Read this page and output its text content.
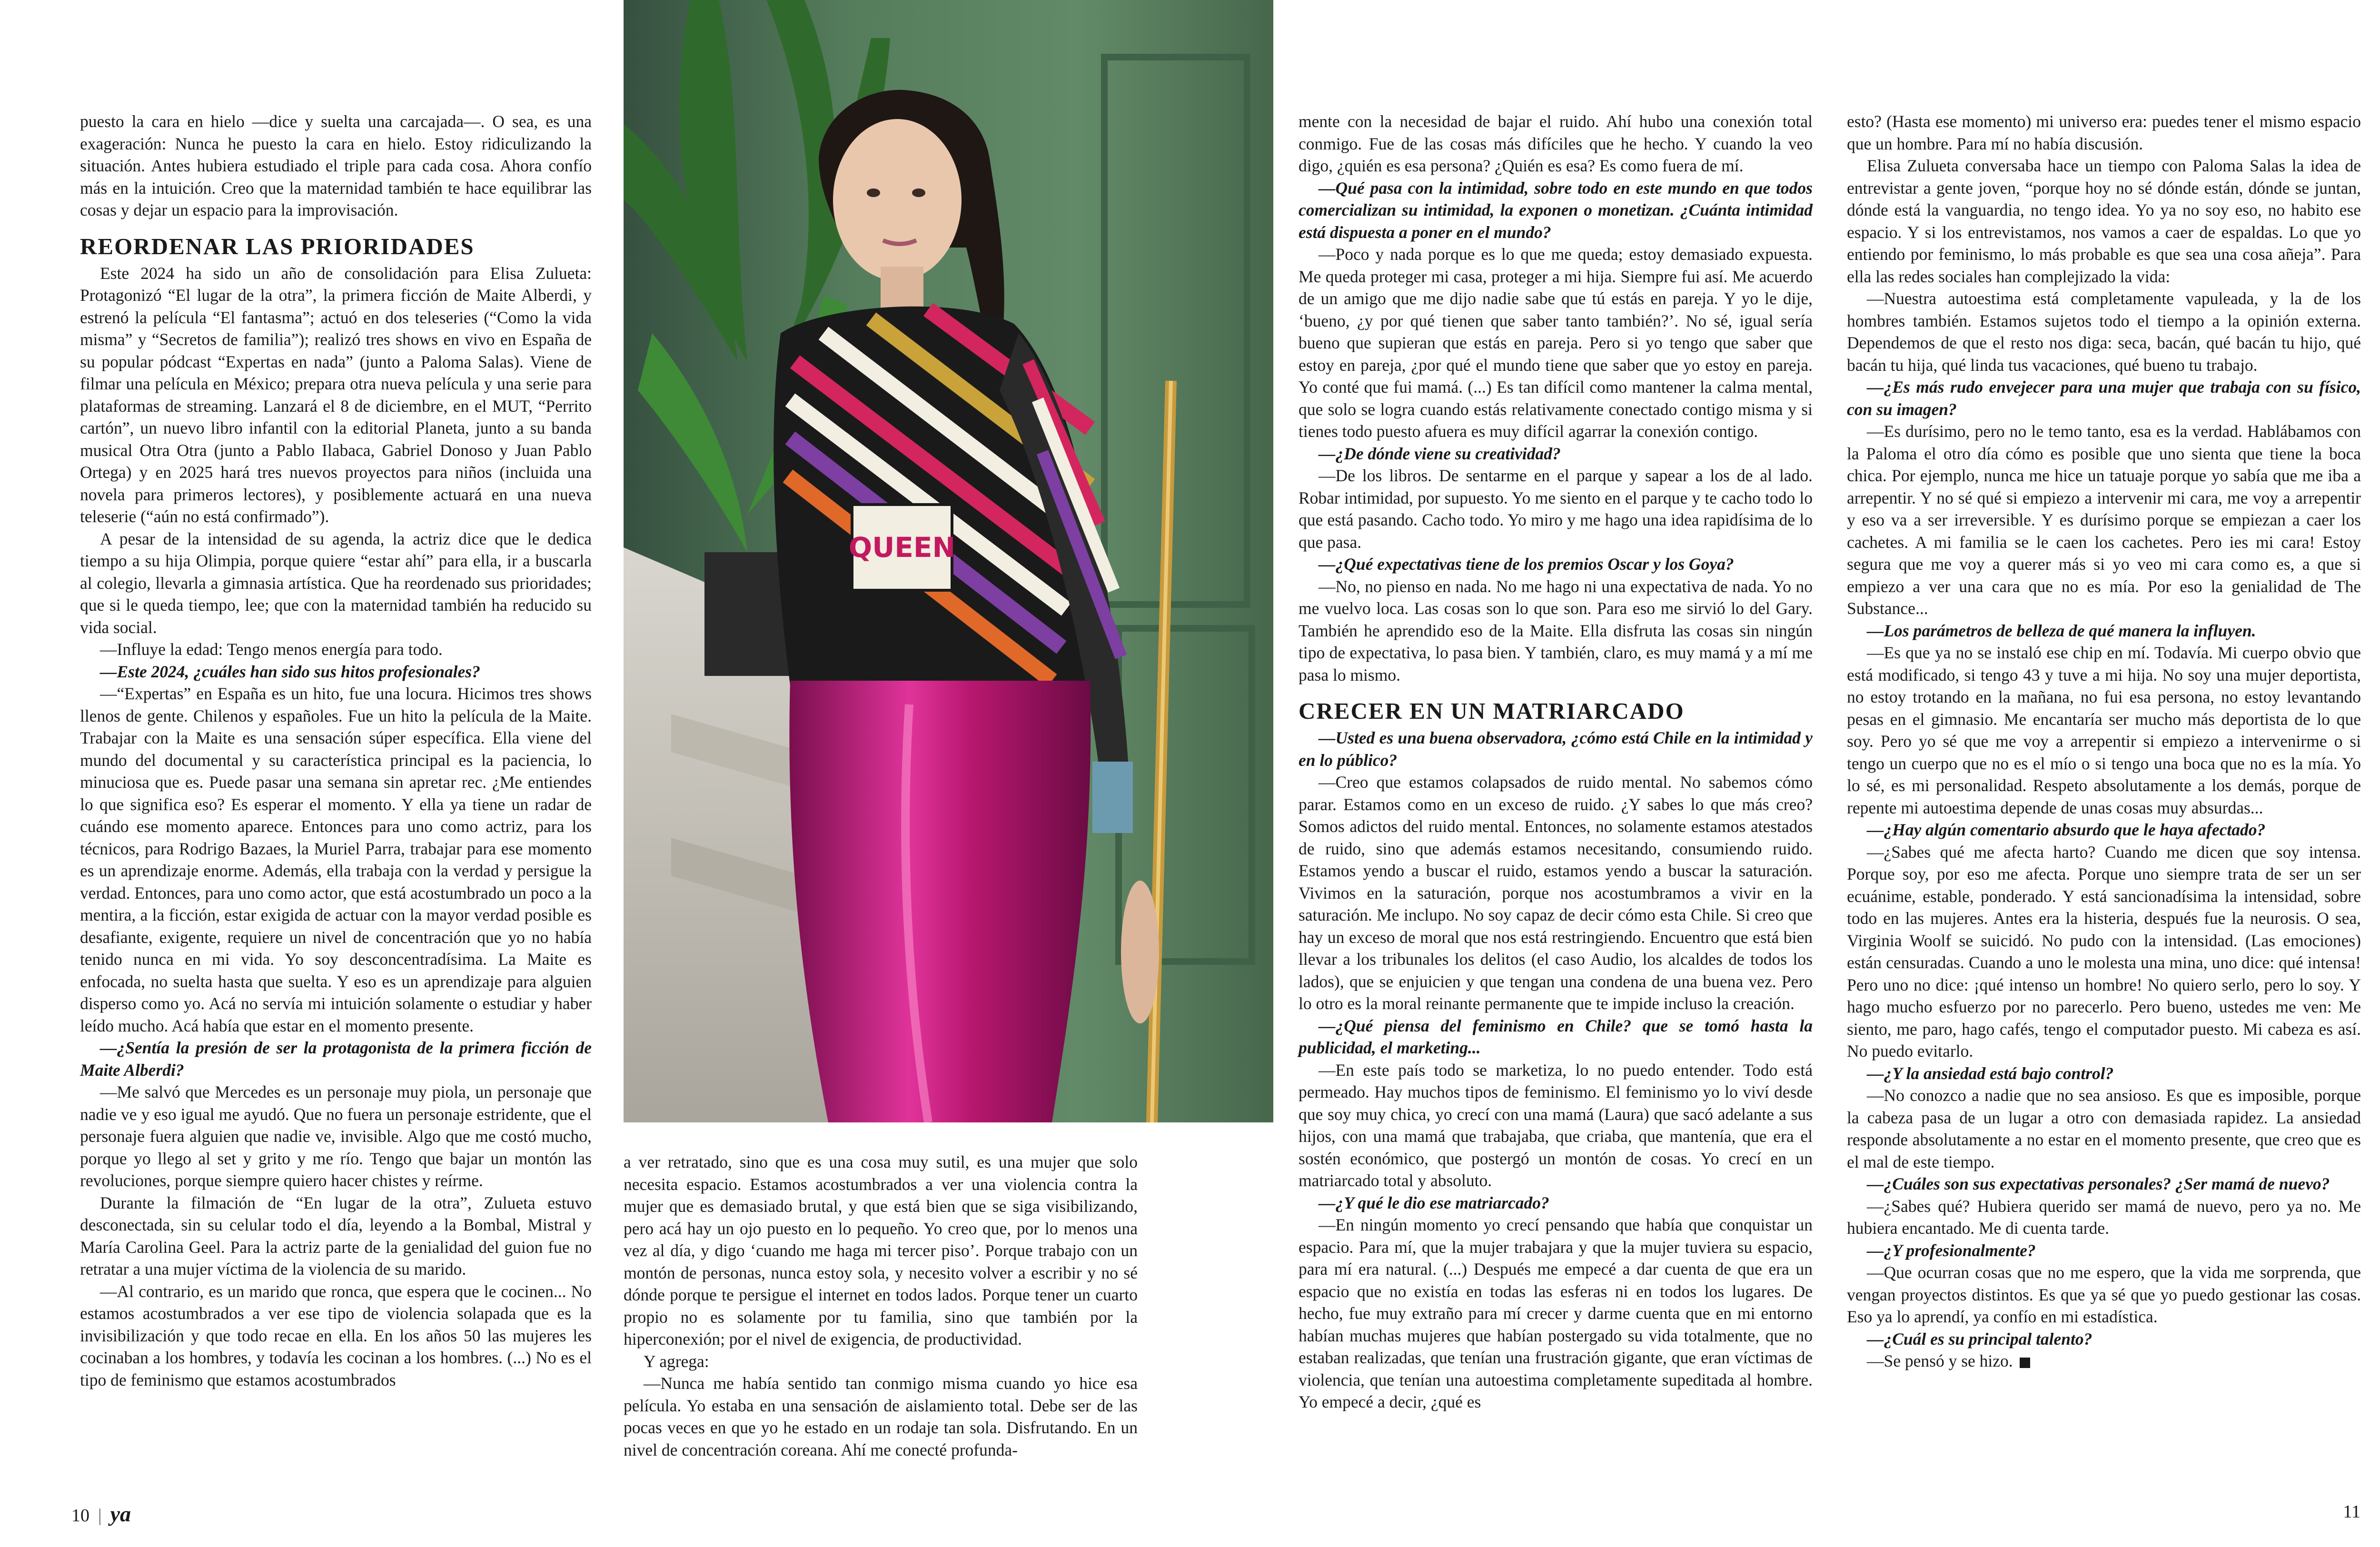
QUEEN

puesto la cara en hielo —dice y suelta una carcajada—. O sea, es una exageración: Nunca he puesto la cara en hielo. Estoy ridiculizando la situación. Antes hubiera estudiado el triple para cada cosa. Ahora confío más en la intuición. Creo que la maternidad también te hace equilibrar las cosas y dejar un espacio para la improvisación.

REORDENAR LAS PRIORIDADES

Este 2024 ha sido un año de consolidación para Elisa Zulueta: Protagonizó “El lugar de la otra”, la primera ficción de Maite Alberdi, y estrenó la película “El fantasma”; actuó en dos teleseries (“Como la vida misma” y “Secretos de familia”); realizó tres shows en vivo en España de su popular pódcast “Expertas en nada” (junto a Paloma Salas). Viene de filmar una película en México; prepara otra nueva película y una serie para plataformas de streaming. Lanzará el 8 de diciembre, en el MUT, “Perrito cartón”, un nuevo libro infantil con la editorial Planeta, junto a su banda musical Otra Otra (junto a Pablo Ilabaca, Gabriel Donoso y Juan Pablo Ortega) y en 2025 hará tres nuevos proyectos para niños (incluida una novela para primeros lectores), y posiblemente actuará en una nueva teleserie (“aún no está confirmado”).

A pesar de la intensidad de su agenda, la actriz dice que le dedica tiempo a su hija Olimpia, porque quiere “estar ahí” para ella, ir a buscarla al colegio, llevarla a gimnasia artística. Que ha reordenado sus prioridades; que si le queda tiempo, lee; que con la maternidad también ha reducido su vida social.

—Influye la edad: Tengo menos energía para todo.

—Este 2024, ¿cuáles han sido sus hitos profesionales?

—“Expertas” en España es un hito, fue una locura. Hicimos tres shows llenos de gente. Chilenos y españoles. Fue un hito la película de la Maite. Trabajar con la Maite es una sensación súper específica. Ella viene del mundo del documental y su característica principal es la paciencia, lo minuciosa que es. Puede pasar una semana sin apretar rec. ¿Me entiendes lo que significa eso? Es esperar el momento. Y ella ya tiene un radar de cuándo ese momento aparece. Entonces para uno como actriz, para los técnicos, para Rodrigo Bazaes, la Muriel Parra, trabajar para ese momento es un aprendizaje enorme. Además, ella trabaja con la verdad y persigue la verdad. Entonces, para uno como actor, que está acostumbrado un poco a la mentira, a la ficción, estar exigida de actuar con la mayor verdad posible es desafiante, exigente, requiere un nivel de concentración que yo no había tenido nunca en mi vida. Yo soy desconcentradísima. La Maite es enfocada, no suelta hasta que suelta. Y eso es un aprendizaje para alguien disperso como yo. Acá no servía mi intuición solamente o estudiar y haber leído mucho. Acá había que estar en el momento presente.

—¿Sentía la presión de ser la protagonista de la primera ficción de Maite Alberdi?

—Me salvó que Mercedes es un personaje muy piola, un personaje que nadie ve y eso igual me ayudó. Que no fuera un personaje estridente, que el personaje fuera alguien que nadie ve, invisible. Algo que me costó mucho, porque yo llego al set y grito y me río. Tengo que bajar un montón las revoluciones, porque siempre quiero hacer chistes y reírme.

Durante la filmación de “En lugar de la otra”, Zulueta estuvo desconectada, sin su celular todo el día, leyendo a la Bombal, Mistral y María Carolina Geel. Para la actriz parte de la genialidad del guion fue no retratar a una mujer víctima de la violencia de su marido.

—Al contrario, es un marido que ronca, que espera que le cocinen... No estamos acostumbrados a ver ese tipo de violencia solapada que es la invisibilización y que todo recae en ella. En los años 50 las mujeres les cocinaban a los hombres, y todavía les cocinan a los hombres. (...) No es el tipo de feminismo que estamos acostumbrados

a ver retratado, sino que es una cosa muy sutil, es una mujer que solo necesita espacio. Estamos acostumbrados a ver una violencia contra la mujer que es demasiado brutal, y que está bien que se siga visibilizando, pero acá hay un ojo puesto en lo pequeño. Yo creo que, por lo menos una vez al día, y digo ‘cuando me haga mi tercer piso’. Porque trabajo con un montón de personas, nunca estoy sola, y necesito volver a escribir y no sé dónde porque te persigue el internet en todos lados. Porque tener un cuarto propio no es solamente por tu familia, sino que también por la hiperconexión; por el nivel de exigencia, de productividad.

Y agrega:

—Nunca me había sentido tan conmigo misma cuando yo hice esa película. Yo estaba en una sensación de aislamiento total. Debe ser de las pocas veces en que yo he estado en un rodaje tan sola. Disfrutando. En un nivel de concentración coreana. Ahí me conecté profunda-

mente con la necesidad de bajar el ruido. Ahí hubo una conexión total conmigo. Fue de las cosas más difíciles que he hecho. Y cuando la veo digo, ¿quién es esa persona? ¿Quién es esa? Es como fuera de mí.

—Qué pasa con la intimidad, sobre todo en este mundo en que todos comercializan su intimidad, la exponen o monetizan. ¿Cuánta intimidad está dispuesta a poner en el mundo?

—Poco y nada porque es lo que me queda; estoy demasiado expuesta. Me queda proteger mi casa, proteger a mi hija. Siempre fui así. Me acuerdo de un amigo que me dijo nadie sabe que tú estás en pareja. Y yo le dije, ‘bueno, ¿y por qué tienen que saber tanto también?’. No sé, igual sería bueno que supieran que estás en pareja. Pero si yo tengo que saber que estoy en pareja, ¿por qué el mundo tiene que saber que yo estoy en pareja. Yo conté que fui mamá. (...) Es tan difícil como mantener la calma mental, que solo se logra cuando estás relativamente conectado contigo misma y si tienes todo puesto afuera es muy difícil agarrar la conexión contigo.

—¿De dónde viene su creatividad?

—De los libros. De sentarme en el parque y sapear a los de al lado. Robar intimidad, por supuesto. Yo me siento en el parque y te cacho todo lo que está pasando. Cacho todo. Yo miro y me hago una idea rapidísima de lo que pasa.

—¿Qué expectativas tiene de los premios Oscar y los Goya?

—No, no pienso en nada. No me hago ni una expectativa de nada. Yo no me vuelvo loca. Las cosas son lo que son. Para eso me sirvió lo del Gary. También he aprendido eso de la Maite. Ella disfruta las cosas sin ningún tipo de expectativa, lo pasa bien. Y también, claro, es muy mamá y a mí me pasa lo mismo.

CRECER EN UN MATRIARCADO

—Usted es una buena observadora, ¿cómo está Chile en la intimidad y en lo público?

—Creo que estamos colapsados de ruido mental. No sabemos cómo parar. Estamos como en un exceso de ruido. ¿Y sabes lo que más creo? Somos adictos del ruido mental. Entonces, no solamente estamos atestados de ruido, sino que además estamos necesitando, consumiendo ruido. Estamos yendo a buscar el ruido, estamos yendo a buscar la saturación. Vivimos en la saturación, porque nos acostumbramos a vivir en la saturación. Me inclupo. No soy capaz de decir cómo esta Chile. Si creo que hay un exceso de moral que nos está restringiendo. Encuentro que está bien llevar a los tribunales los delitos (el caso Audio, los alcaldes de todos los lados), que se enjuicien y que tengan una condena de una buena vez. Pero lo otro es la moral reinante permanente que te impide incluso la creación.

—¿Qué piensa del feminismo en Chile? que se tomó hasta la publicidad, el marketing...

—En este país todo se marketiza, lo no puedo entender. Todo está permeado. Hay muchos tipos de feminismo. El feminismo yo lo viví desde que soy muy chica, yo crecí con una mamá (Laura) que sacó adelante a sus hijos, con una mamá que trabajaba, que criaba, que mantenía, que era el sostén económico, que postergó un montón de cosas. Yo crecí en un matriarcado total y absoluto.

—¿Y qué le dio ese matriarcado?

—En ningún momento yo crecí pensando que había que conquistar un espacio. Para mí, que la mujer trabajara y que la mujer tuviera su espacio, para mí era natural. (...) Después me empecé a dar cuenta de que era un espacio que no existía en todas las esferas ni en todos los lugares. De hecho, fue muy extraño para mí crecer y darme cuenta que en mi entorno habían muchas mujeres que habían postergado su vida totalmente, que no estaban realizadas, que tenían una frustración gigante, que eran víctimas de violencia, que tenían una autoestima completamente supeditada al hombre. Yo empecé a decir, ¿qué es

esto? (Hasta ese momento) mi universo era: puedes tener el mismo espacio que un hombre. Para mí no había discusión.

Elisa Zulueta conversaba hace un tiempo con Paloma Salas la idea de entrevistar a gente joven, “porque hoy no sé dónde están, dónde se juntan, dónde está la vanguardia, no tengo idea. Yo ya no soy eso, no habito ese espacio. Y si los entrevistamos, nos vamos a caer de espaldas. Lo que yo entiendo por feminismo, lo más probable es que sea una cosa añeja”. Para ella las redes sociales han complejizado la vida:

—Nuestra autoestima está completamente vapuleada, y la de los hombres también. Estamos sujetos todo el tiempo a la opinión externa. Dependemos de que el resto nos diga: seca, bacán, qué bacán tu hijo, qué bacán tu hija, qué linda tus vacaciones, qué bueno tu trabajo.

—¿Es más rudo envejecer para una mujer que trabaja con su físico, con su imagen?

—Es durísimo, pero no le temo tanto, esa es la verdad. Hablábamos con la Paloma el otro día cómo es posible que uno sienta que tiene la boca chica. Por ejemplo, nunca me hice un tatuaje porque yo sabía que me iba a arrepentir. Y no sé qué si empiezo a intervenir mi cara, me voy a arrepentir y eso va a ser irreversible. Y es durísimo porque se empiezan a caer los cachetes. A mi familia se le caen los cachetes. Pero ies mi cara! Estoy segura que me voy a querer más si yo veo mi cara como es, a que si empiezo a ver una cara que no es mía. Por eso la genialidad de The Substance...

—Los parámetros de belleza de qué manera la influyen.

—Es que ya no se instaló ese chip en mí. Todavía. Mi cuerpo obvio que está modificado, si tengo 43 y tuve a mi hija. No soy una mujer deportista, no estoy trotando en la mañana, no fui esa persona, no estoy levantando pesas en el gimnasio. Me encantaría ser mucho más deportista de lo que soy. Pero yo sé que me voy a arrepentir si empiezo a intervenirme o si tengo un cuerpo que no es el mío o si tengo una boca que no es la mía. Yo lo sé, es mi personalidad. Respeto absolutamente a los demás, porque de repente mi autoestima depende de unas cosas muy absurdas...

—¿Hay algún comentario absurdo que le haya afectado?

—¿Sabes qué me afecta harto? Cuando me dicen que soy intensa. Porque soy, por eso me afecta. Porque uno siempre trata de ser un ser ecuánime, estable, ponderado. Y está sancionadísima la intensidad, sobre todo en las mujeres. Antes era la histeria, después fue la neurosis. O sea, Virginia Woolf se suicidó. No pudo con la intensidad. (Las emociones) están censuradas. Cuando a uno le molesta una mina, uno dice: qué intensa! Pero uno no dice: ¡qué intenso un hombre! No quiero serlo, pero lo soy. Y hago mucho esfuerzo por no parecerlo. Pero bueno, ustedes me ven: Me siento, me paro, hago cafés, tengo el computador puesto. Mi cabeza es así. No puedo evitarlo.

—¿Y la ansiedad está bajo control?

—No conozco a nadie que no sea ansioso. Es que es imposible, porque la cabeza pasa de un lugar a otro con demasiada rapidez. La ansiedad responde absolutamente a no estar en el momento presente, que creo que es el mal de este tiempo.

—¿Cuáles son sus expectativas personales? ¿Ser mamá de nuevo?

—¿Sabes qué? Hubiera querido ser mamá de nuevo, pero ya no. Me hubiera encantado. Me di cuenta tarde.

—¿Y profesionalmente?

—Que ocurran cosas que no me espero, que la vida me sorprenda, que vengan proyectos distintos. Es que ya sé que yo puedo gestionar las cosas. Eso ya lo aprendí, ya confío en mi estadística.

—¿Cuál es su principal talento?

—Se pensó y se hizo.

10 | ya	11
